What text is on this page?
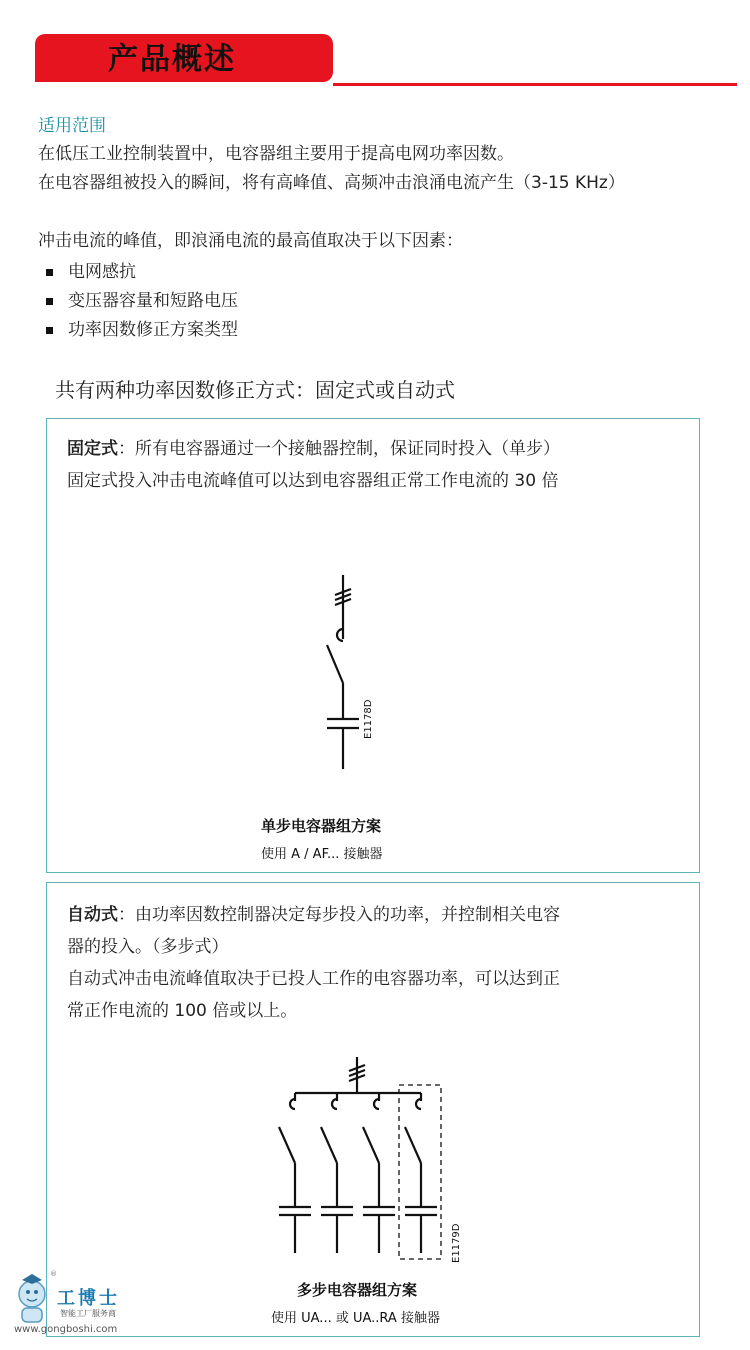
产品概述
适用范围
在低压工业控制装置中，电容器组主要用于提高电网功率因数。
在电容器组被投入的瞬间，将有高峰值、高频冲击浪涌电流产生（3-15 KHz）
冲击电流的峰值，即浪涌电流的最高值取决于以下因素：
电网感抗
变压器容量和短路电压
功率因数修正方案类型
共有两种功率因数修正方式：固定式或自动式
固定式：所有电容器通过一个接触器控制，保证同时投入（单步）
固定式投入冲击电流峰值可以达到电容器组正常工作电流的 30 倍
E1178D
单步电容器组方案
使用 A / AF... 接触器
自动式：由功率因数控制器决定每步投入的功率，并控制相关电容
器的投入。（多步式）
自动式冲击电流峰值取决于已投人工作的电容器功率，可以达到正
常正作电流的 100 倍或以上。
E1179D
多步电容器组方案
使用 UA... 或 UA..RA 接触器
®
工博士
智能工厂服务商
www.gongboshi.com
